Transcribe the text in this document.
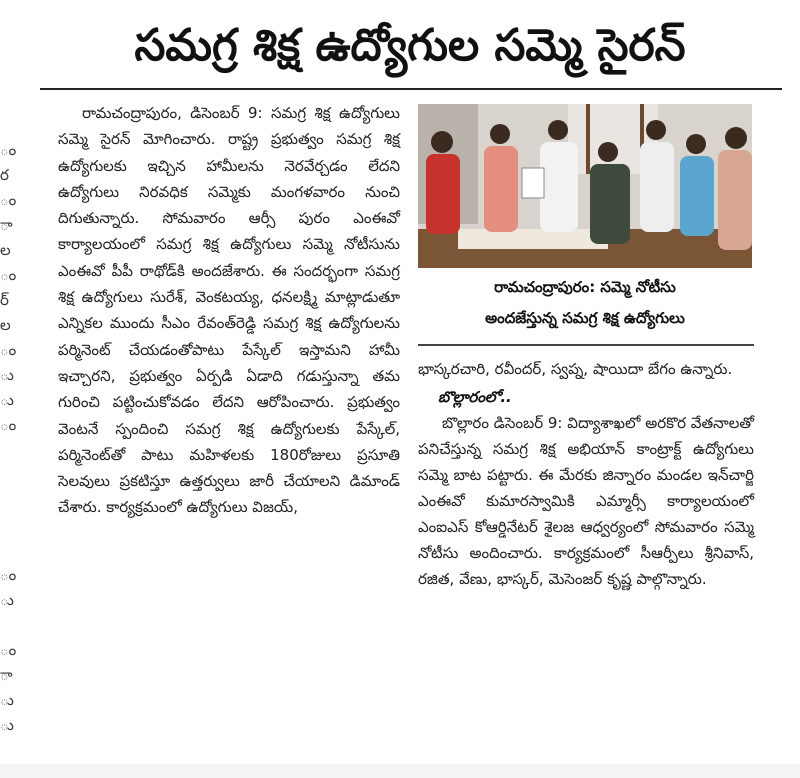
సమగ్ర శిక్ష ఉద్యోగుల సమ్మె సైరన్
ం
ర
ం
ా
ల
ం
ర్
ల
ం
ు
ు
ం
ం
ు
ం
ా
ు
ు

రామచంద్రాపురం, డిసెంబర్ 9: సమగ్ర శిక్ష ఉద్యోగులు సమ్మె సైరన్ మోగించారు. రాష్ట్ర ప్రభుత్వం సమగ్ర శిక్ష ఉద్యోగులకు ఇచ్చిన హామీలను నెరవేర్చడం లేదని ఉద్యోగులు నిరవధిక సమ్మెకు మంగళవారం నుంచి దిగుతున్నారు. సోమవారం ఆర్సీ పురం ఎంఈవో కార్యాలయంలో సమగ్ర శిక్ష ఉద్యోగులు సమ్మె నోటీసును ఎంఈవో పీపీ రాథోడ్‌కి అందజేశారు. ఈ సందర్భంగా సమగ్ర శిక్ష ఉద్యోగులు సురేశ్, వెంకటయ్య, ధనలక్ష్మి మాట్లాడుతూ ఎన్నికల ముందు సీఎం రేవంత్‌రెడ్డి సమగ్ర శిక్ష ఉద్యోగులను పర్మినెంట్ చేయడంతోపాటు పేస్కేల్ ఇస్తామని హామీ ఇచ్చారని, ప్రభుత్వం ఏర్పడి ఏడాది గడుస్తున్నా తమ గురించి పట్టించుకోవడం లేదని ఆరోపించారు. ప్రభుత్వం వెంటనే స్పందించి సమగ్ర శిక్ష ఉద్యోగులకు పేస్కేల్, పర్మినెంట్‌తో పాటు మహిళలకు 180రోజులు ప్రసూతి సెలవులు ప్రకటిస్తూ ఉత్తర్వులు జారీ చేయాలని డిమాండ్ చేశారు. కార్యక్రమంలో ఉద్యోగులు విజయ్,

రామచంద్రాపురం: సమ్మె నోటీసు
అందజేస్తున్న సమగ్ర శిక్ష ఉద్యోగులు

భాస్కరచారి, రవీందర్, స్వప్న, షాయిదా బేగం ఉన్నారు.

బొల్లారంలో..

బొల్లారం డిసెంబర్ 9: విద్యాశాఖలో అరకొర వేతనాలతో పనిచేస్తున్న సమగ్ర శిక్ష అభియాన్ కాంట్రాక్ట్ ఉద్యోగులు సమ్మె బాట పట్టారు. ఈ మేరకు జిన్నారం మండల ఇన్‌చార్జి ఎంఈవో కుమారస్వామికి ఎమ్మార్సీ కార్యాలయంలో ఎంఐఎస్ కోఆర్డినేటర్ శైలజ ఆధ్వర్యంలో సోమవారం సమ్మె నోటీసు అందించారు. కార్యక్రమంలో సీఆర్పీలు శ్రీనివాస్, రజిత, వేణు, భాస్కర్, మెసెంజర్ కృష్ణ పాల్గొన్నారు.
